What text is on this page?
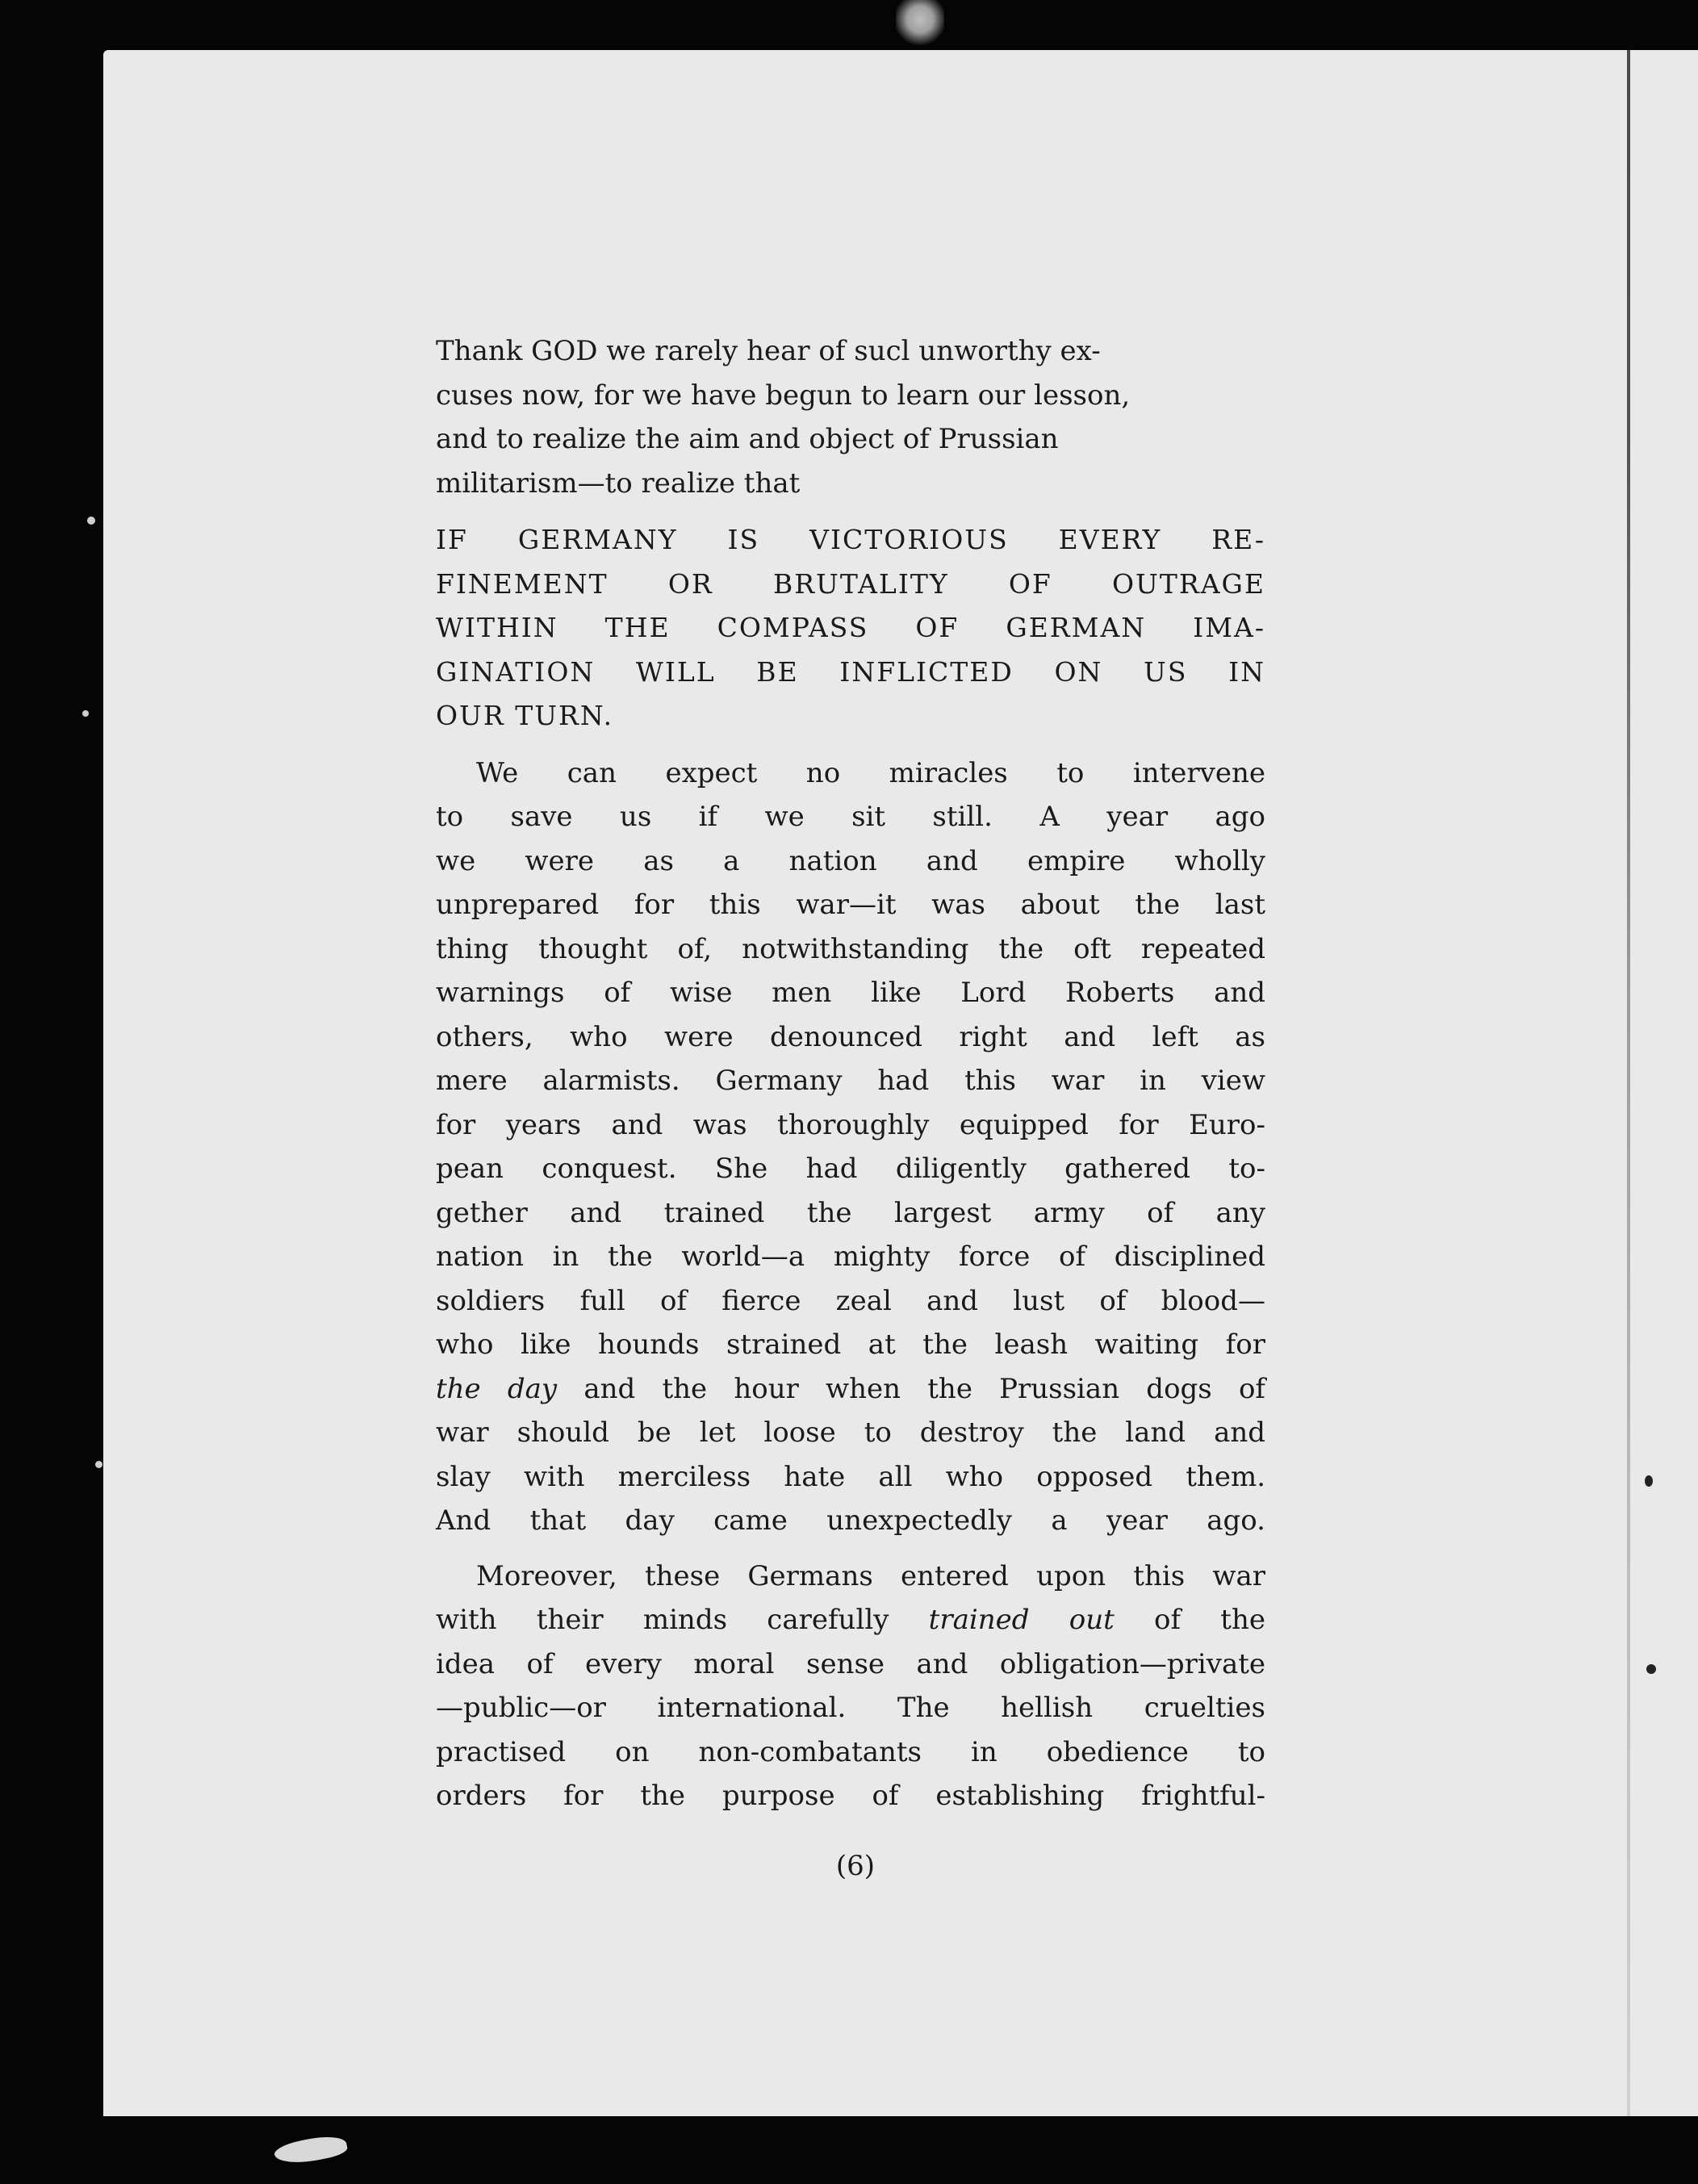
Thank GOD we rarely hear of sucl unworthy ex-
cuses now, for we have begun to learn our lesson,
and to realize the aim and object of Prussian
militarism—to realize that

IF GERMANY IS VICTORIOUS EVERY RE-
FINEMENT OR BRUTALITY OF OUTRAGE
WITHIN THE COMPASS OF GERMAN IMA-
GINATION WILL BE INFLICTED ON US IN
OUR TURN.

We can expect no miracles to intervene
to save us if we sit still. A year ago
we were as a nation and empire wholly
unprepared for this war—it was about the last
thing thought of, notwithstanding the oft repeated
warnings of wise men like Lord Roberts and
others, who were denounced right and left as
mere alarmists. Germany had this war in view
for years and was thoroughly equipped for Euro-
pean conquest. She had diligently gathered to-
gether and trained the largest army of any
nation in the world—a mighty force of disciplined
soldiers full of fierce zeal and lust of blood—
who like hounds strained at the leash waiting for
the day and the hour when the Prussian dogs of
war should be let loose to destroy the land and
slay with merciless hate all who opposed them.
And that day came unexpectedly a year ago.

Moreover, these Germans entered upon this war
with their minds carefully trained out of the
idea of every moral sense and obligation—private
—public—or international. The hellish cruelties
practised on non-combatants in obedience to
orders for the purpose of establishing frightful-

(6)
